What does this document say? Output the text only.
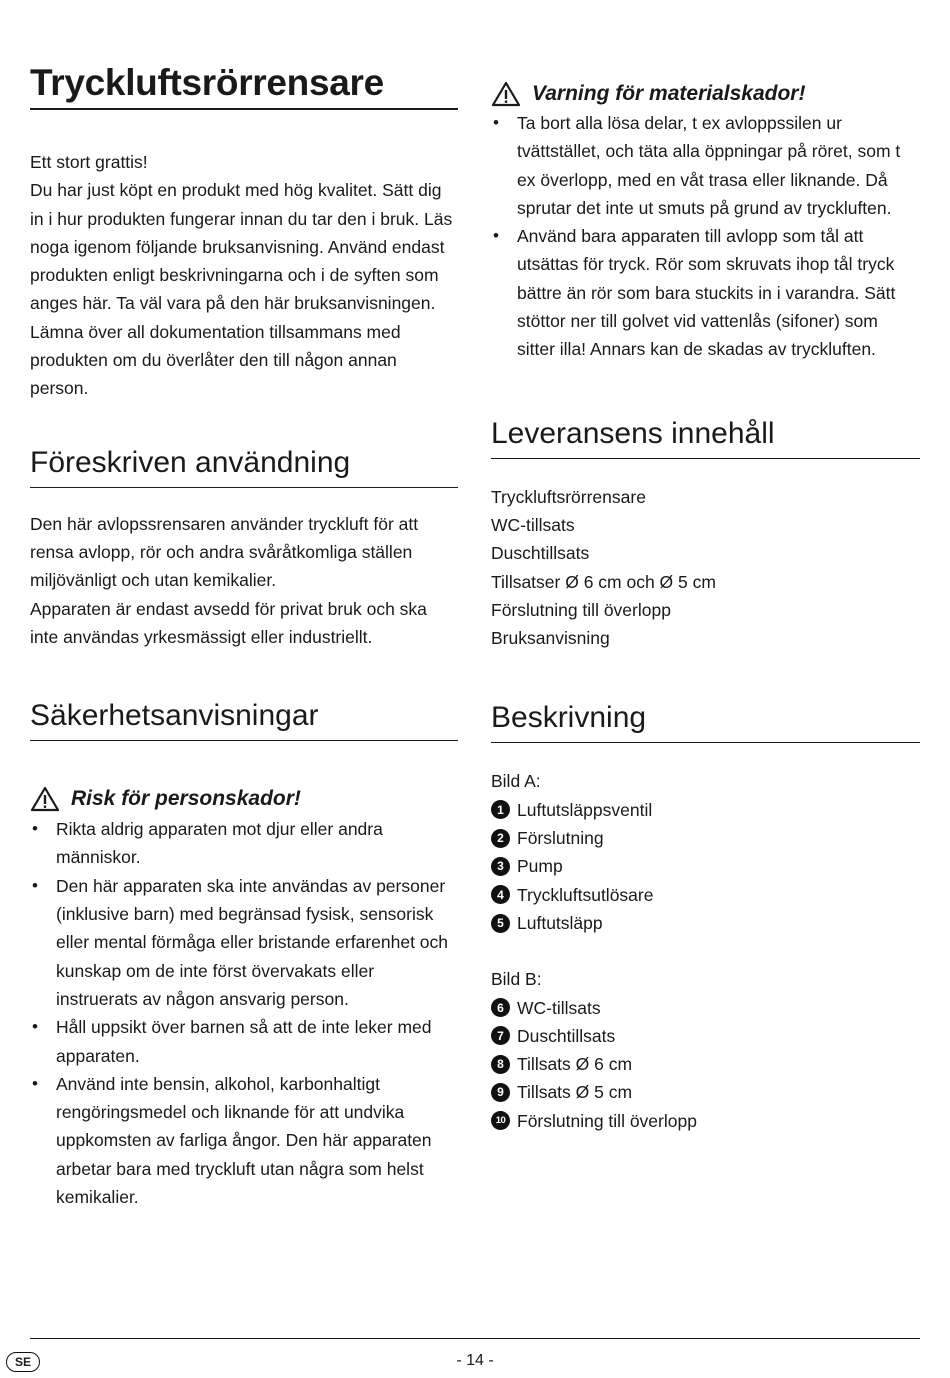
Tryckluftsrörrensare

Ett stort grattis!

Du har just köpt en produkt med hög kvalitet. Sätt dig in i hur produkten fungerar innan du tar den i bruk. Läs noga igenom följande bruksanvisning. Använd endast produkten enligt beskrivningarna och i de syften som anges här. Ta väl vara på den här bruksanvisningen. Lämna över all dokumentation tillsammans med produkten om du överlåter den till någon annan person.

Föreskriven användning

Den här avlopssrensaren använder tryckluft för att rensa avlopp, rör och andra svåråtkomliga ställen miljövänligt och utan kemikalier.

Apparaten är endast avsedd för privat bruk och ska inte användas yrkesmässigt eller industriellt.

Säkerhetsanvisningar
Risk för personskador!
• Rikta aldrig apparaten mot djur eller andra människor.
• Den här apparaten ska inte användas av personer (inklusive barn) med begränsad fysisk, sensorisk eller mental förmåga eller bristande erfarenhet och kunskap om de inte först övervakats eller instruerats av någon ansvarig person.
• Håll uppsikt över barnen så att de inte leker med apparaten.
• Använd inte bensin, alkohol, karbonhaltigt rengöringsmedel och liknande för att undvika uppkomsten av farliga ångor. Den här apparaten arbetar bara med tryckluft utan några som helst kemikalier.
Varning för materialskador!
• Ta bort alla lösa delar, t ex avloppssilen ur tvättstället, och täta alla öppningar på röret, som t ex överlopp, med en våt trasa eller liknande. Då sprutar det inte ut smuts på grund av tryckluften.
• Använd bara apparaten till avlopp som tål att utsättas för tryck. Rör som skruvats ihop tål tryck bättre än rör som bara stuckits in i varandra. Sätt stöttor ner till golvet vid vattenlås (sifoner) som sitter illa! Annars kan de skadas av tryckluften.
Leveransens innehåll

Tryckluftsrörrensare

WC-tillsats

Duschtillsats

Tillsatser Ø 6 cm och Ø 5 cm

Förslutning till överlopp

Bruksanvisning

Beskrivning
Bild A:
1 Luftutsläppsventil
2 Förslutning
3 Pump
4 Tryckluftsutlösare
5 Luftutsläpp
Bild B:
6 WC-tillsats
7 Duschtillsats
8 Tillsats Ø 6 cm
9 Tillsats Ø 5 cm
10 Förslutning till överlopp
SE	- 14 -
